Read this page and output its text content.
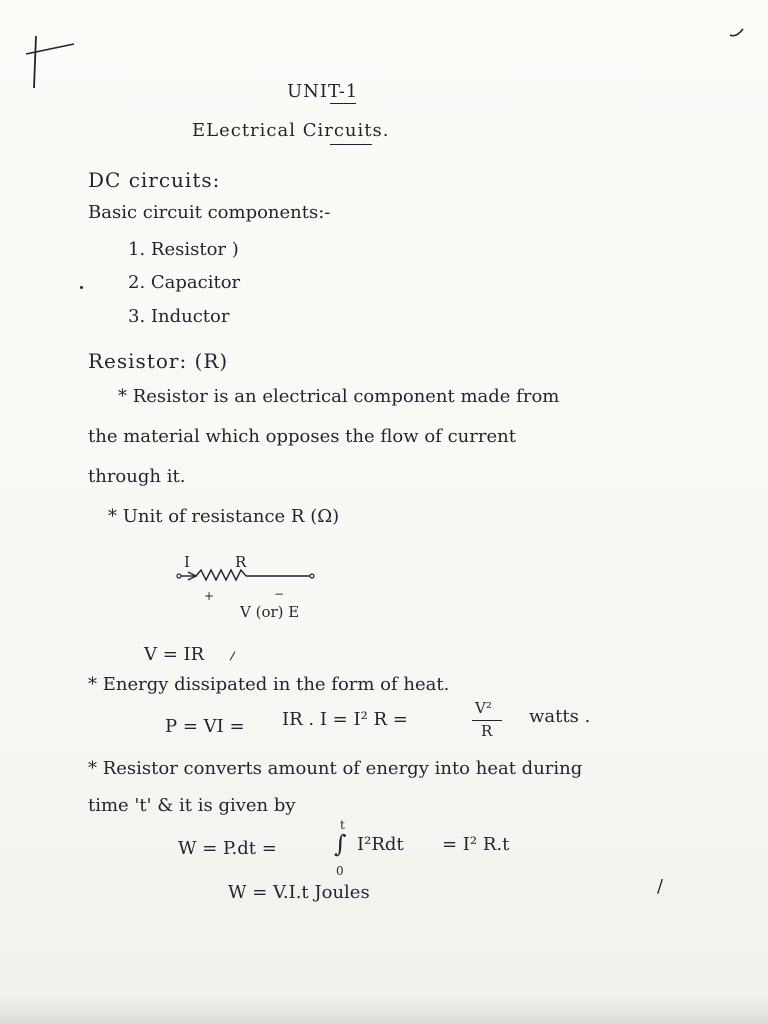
UNIT-1
ELectrical Circuits.
DC circuits:
Basic circuit components:-
1. Resistor )
2. Capacitor
3. Inductor
Resistor: (R)
* Resistor is an electrical component made from
the material which opposes the flow of current
through it.
* Unit of resistance R (Ω)
I	R
+	−
V (or) E
V = IR
* Energy dissipated in the form of heat.
P = VI = IR . I = I² R =
V²
R
watts .
* Resistor converts amount of energy into heat during
time 't' & it is given by
W = P.dt =
t
∫
0
I²Rdt = I² R.t
W = V.I.t Joules	/
